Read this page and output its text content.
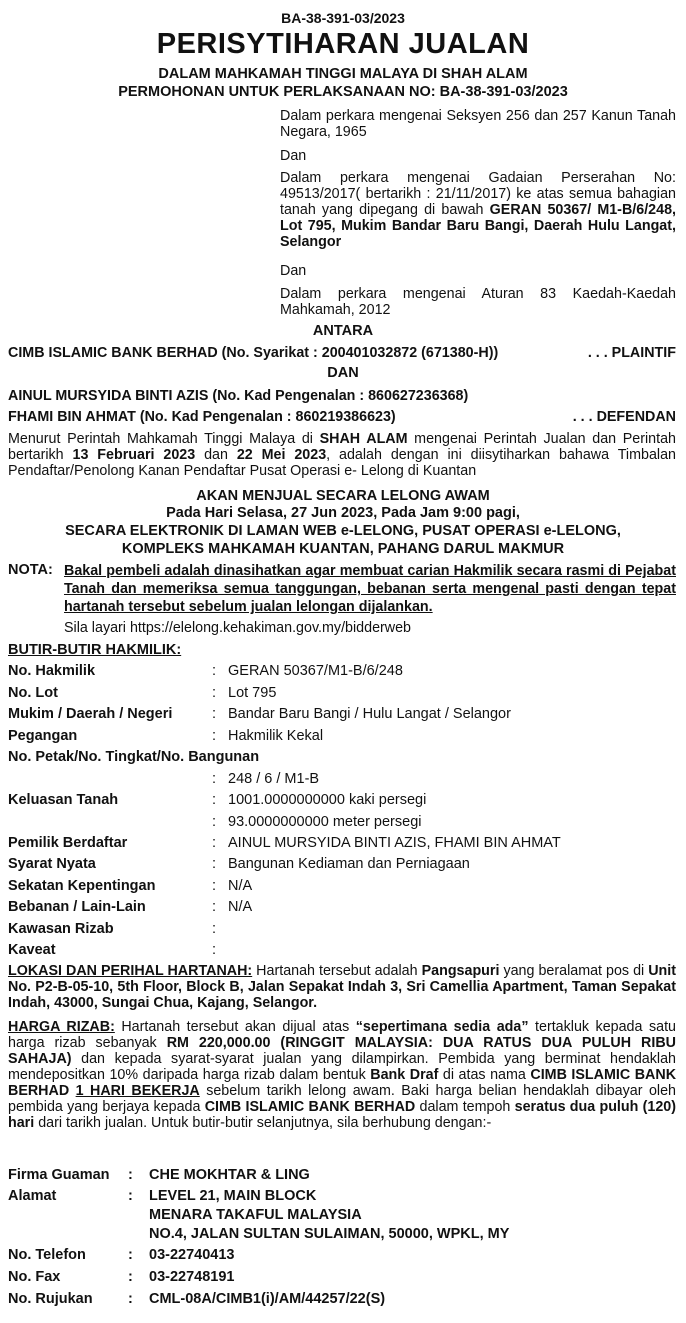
BA-38-391-03/2023
PERISYTIHARAN JUALAN
DALAM MAHKAMAH TINGGI MALAYA DI SHAH ALAM
PERMOHONAN UNTUK PERLAKSANAAN NO: BA-38-391-03/2023
Dalam perkara mengenai Seksyen 256 dan 257 Kanun Tanah Negara, 1965
Dan
Dalam perkara mengenai Gadaian Perserahan No: 49513/2017( bertarikh : 21/11/2017) ke atas semua bahagian tanah yang dipegang di bawah GERAN 50367/ M1-B/6/248, Lot 795, Mukim Bandar Baru Bangi, Daerah Hulu Langat, Selangor
Dan
Dalam perkara mengenai Aturan 83 Kaedah-Kaedah Mahkamah, 2012
ANTARA
CIMB ISLAMIC BANK BERHAD (No. Syarikat : 200401032872 (671380-H))	. . . PLAINTIF
DAN
AINUL MURSYIDA BINTI AZIS (No. Kad Pengenalan : 860627236368)
FHAMI BIN AHMAT (No. Kad Pengenalan : 860219386623)	. . . DEFENDAN
Menurut Perintah Mahkamah Tinggi Malaya di SHAH ALAM mengenai Perintah Jualan dan Perintah bertarikh 13 Februari 2023 dan 22 Mei 2023, adalah dengan ini diisytiharkan bahawa Timbalan Pendaftar/Penolong Kanan Pendaftar Pusat Operasi e- Lelong di Kuantan
AKAN MENJUAL SECARA LELONG AWAM
Pada Hari Selasa, 27 Jun 2023, Pada Jam 9:00 pagi,
SECARA ELEKTRONIK DI LAMAN WEB e-LELONG, PUSAT OPERASI e-LELONG,
KOMPLEKS MAHKAMAH KUANTAN, PAHANG DARUL MAKMUR
NOTA: Bakal pembeli adalah dinasihatkan agar membuat carian Hakmilik secara rasmi di Pejabat Tanah dan memeriksa semua tanggungan, bebanan serta mengenal pasti dengan tepat hartanah tersebut sebelum jualan lelongan dijalankan.
Sila layari https://elelong.kehakiman.gov.my/bidderweb
BUTIR-BUTIR HAKMILIK:
No. Hakmilik	: GERAN 50367/M1-B/6/248
No. Lot	: Lot 795
Mukim / Daerah / Negeri	: Bandar Baru Bangi / Hulu Langat / Selangor
Pegangan	: Hakmilik Kekal
No. Petak/No. Tingkat/No. Bangunan
: 248 / 6 / M1-B
Keluasan Tanah	: 1001.0000000000 kaki persegi
: 93.0000000000 meter persegi
Pemilik Berdaftar	: AINUL MURSYIDA BINTI AZIS, FHAMI BIN AHMAT
Syarat Nyata	: Bangunan Kediaman dan Perniagaan
Sekatan Kepentingan	: N/A
Bebanan / Lain-Lain	: N/A
Kawasan Rizab	:
Kaveat	:
LOKASI DAN PERIHAL HARTANAH: Hartanah tersebut adalah Pangsapuri yang beralamat pos di Unit No. P2-B-05-10, 5th Floor, Block B, Jalan Sepakat Indah 3, Sri Camellia Apartment, Taman Sepakat Indah, 43000, Sungai Chua, Kajang, Selangor.
HARGA RIZAB: Hartanah tersebut akan dijual atas “sepertimana sedia ada” tertakluk kepada satu harga rizab sebanyak RM 220,000.00 (RINGGIT MALAYSIA: DUA RATUS DUA PULUH RIBU SAHAJA) dan kepada syarat-syarat jualan yang dilampirkan. Pembida yang berminat hendaklah mendepositkan 10% daripada harga rizab dalam bentuk Bank Draf di atas nama CIMB ISLAMIC BANK BERHAD 1 HARI BEKERJA sebelum tarikh lelong awam. Baki harga belian hendaklah dibayar oleh pembida yang berjaya kepada CIMB ISLAMIC BANK BERHAD dalam tempoh seratus dua puluh (120) hari dari tarikh jualan. Untuk butir-butir selanjutnya, sila berhubung dengan:-
Firma Guaman : CHE MOKHTAR & LING
Alamat	: LEVEL 21, MAIN BLOCK
MENARA TAKAFUL MALAYSIA
NO.4, JALAN SULTAN SULAIMAN, 50000, WPKL, MY
No. Telefon	: 03-22740413
No. Fax	: 03-22748191
No. Rujukan : CML-08A/CIMB1(i)/AM/44257/22(S)
